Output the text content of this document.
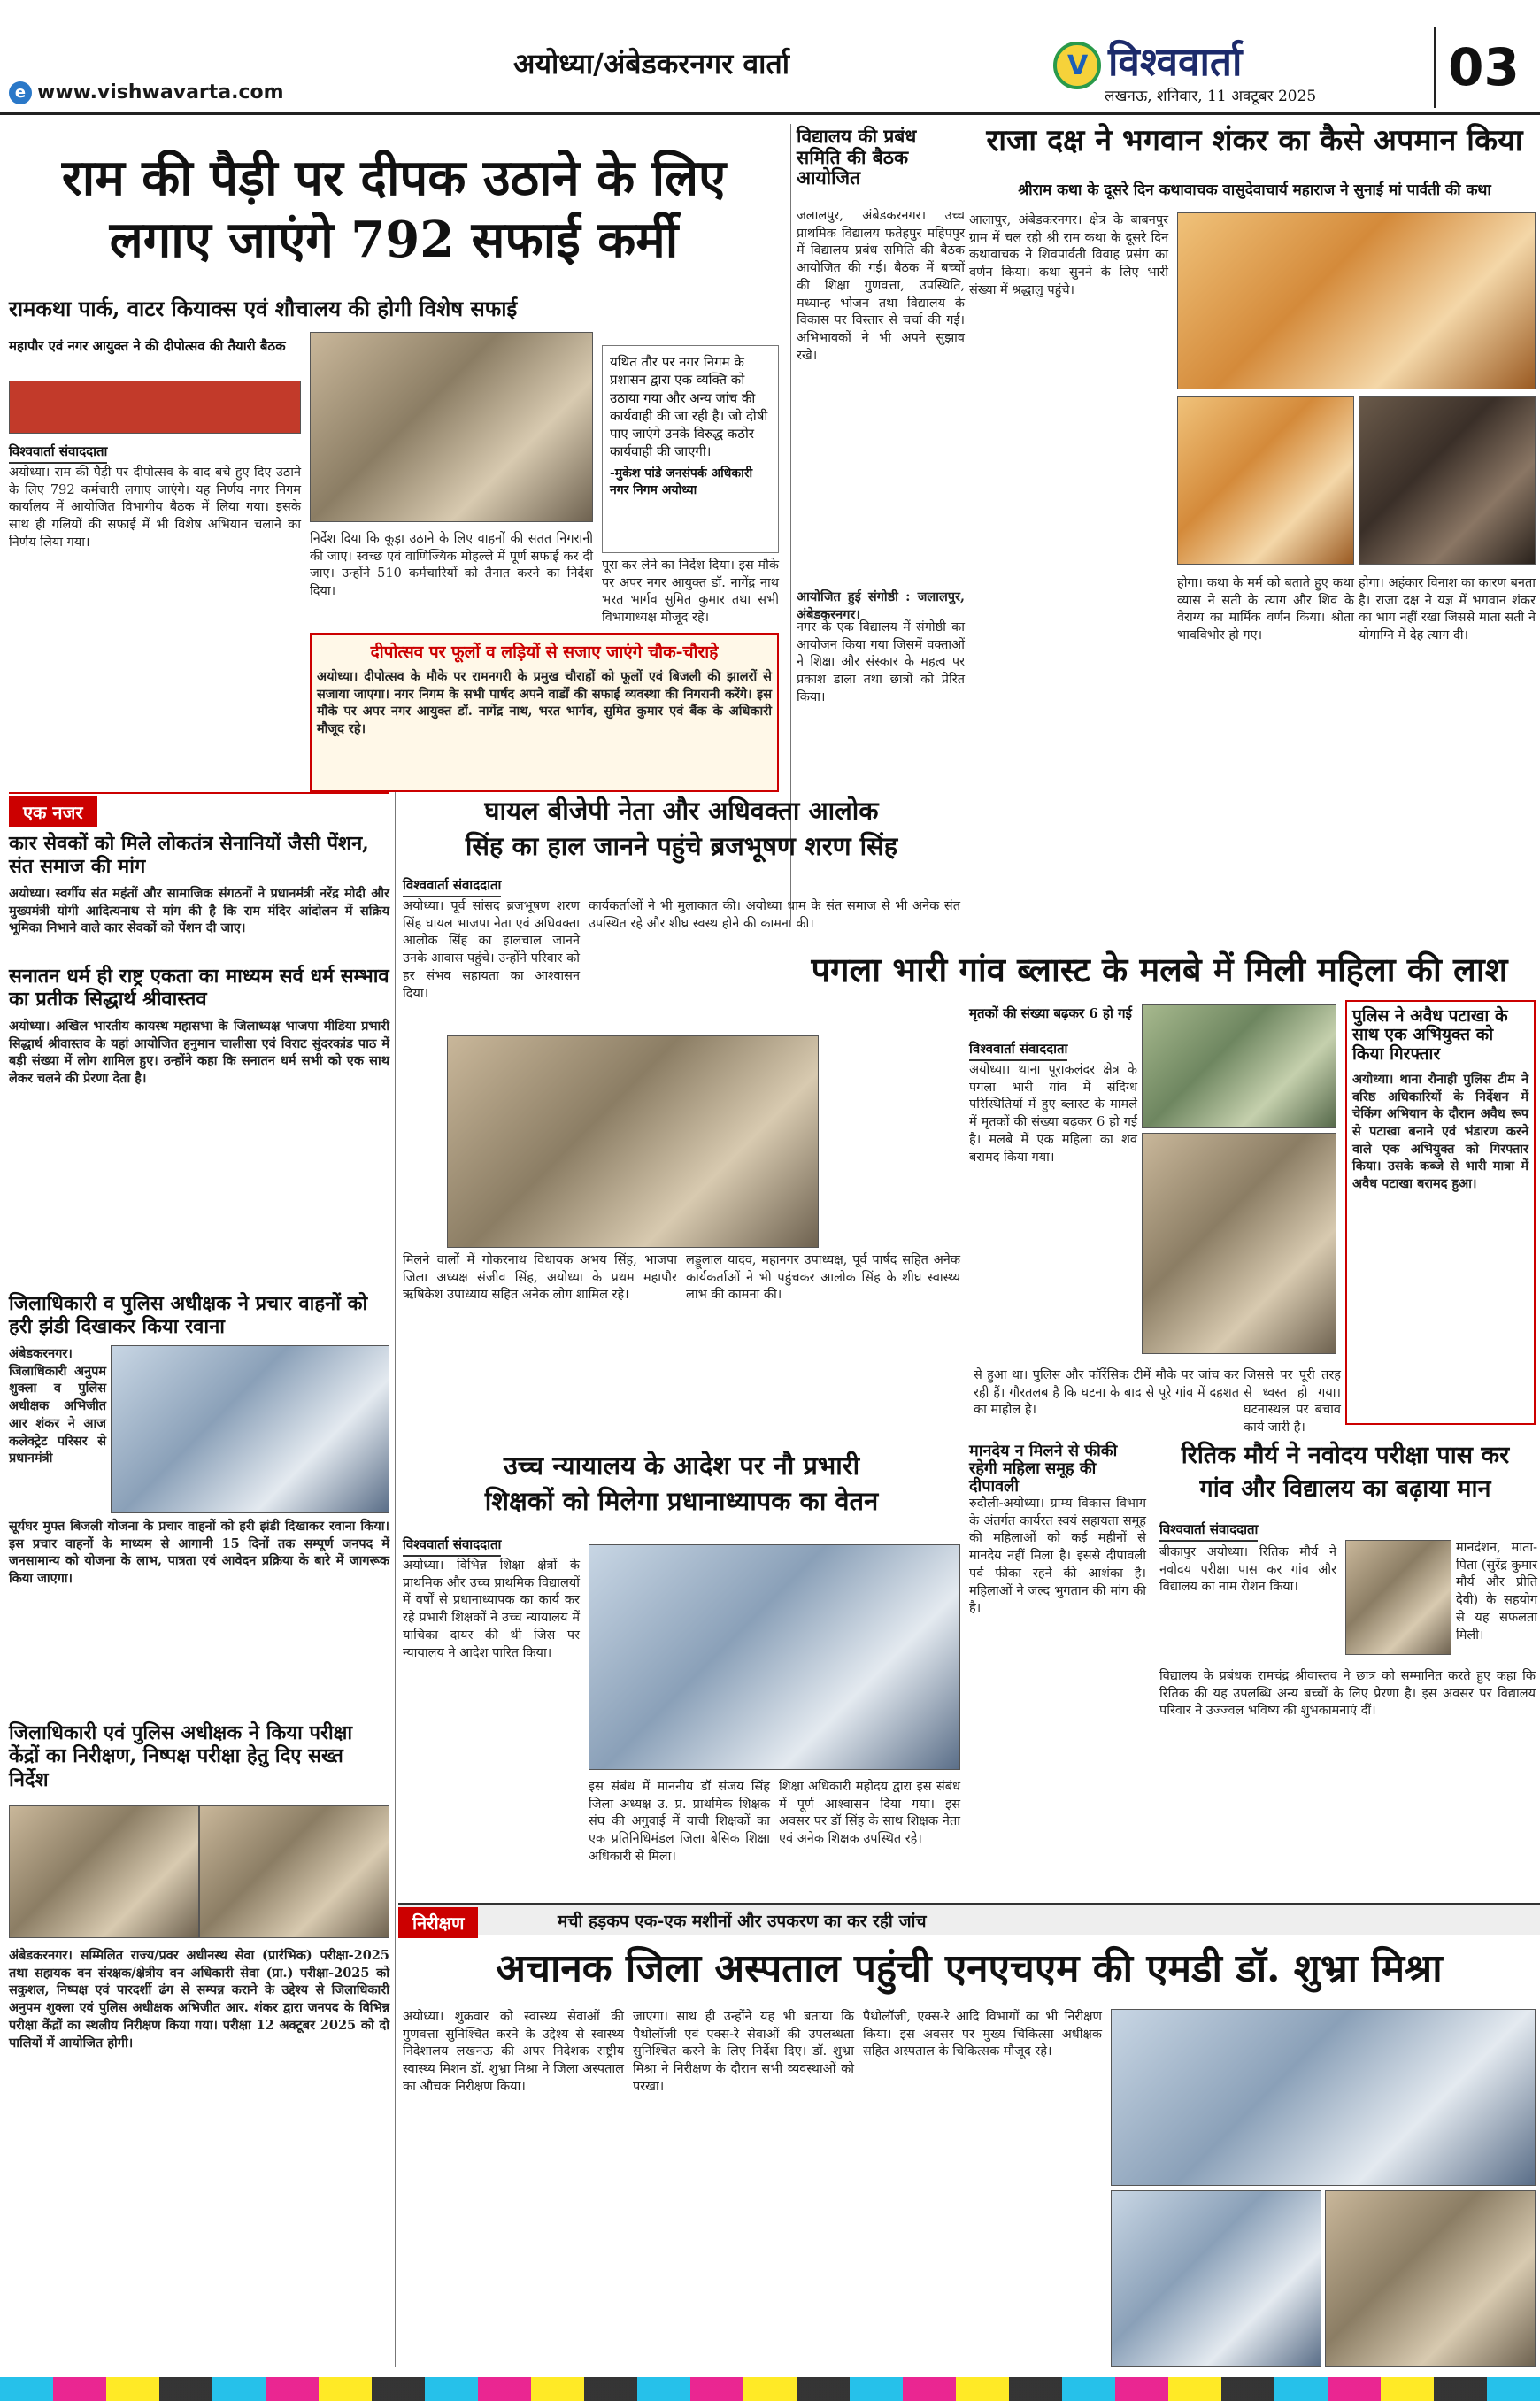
e www.vishwavarta.com
अयोध्या/अंबेडकरनगर वार्ता
V	विश्ववार्ता
लखनऊ, शनिवार, 11 अक्टूबर 2025	03
राम की पैड़ी पर दीपक उठाने के लिए
लगाए जाएंगे 792 सफाई कर्मी
रामकथा पार्क, वाटर कियाक्स एवं शौचालय की होगी विशेष सफाई
महापौर एवं नगर आयुक्त ने की दीपोत्सव की तैयारी बैठक
विश्ववार्ता संवाददाता
अयोध्या। राम की पैड़ी पर दीपोत्सव के बाद बचे हुए दिए उठाने के लिए 792 कर्मचारी लगाए जाएंगे। यह निर्णय नगर निगम कार्यालय में आयोजित विभागीय बैठक में लिया गया। इसके साथ ही गलियों की सफाई में भी विशेष अभियान चलाने का निर्णय लिया गया।	निर्देश दिया कि कूड़ा उठाने के लिए वाहनों की सतत निगरानी की जाए। स्वच्छ एवं वाणिज्यिक मोहल्ले में पूर्ण सफाई कर दी जाए। उन्होंने 510 कर्मचारियों को तैनात करने का निर्देश दिया।
यथित तौर पर नगर निगम के प्रशासन द्वारा एक व्यक्ति को उठाया गया और अन्य जांच की कार्यवाही की जा रही है। जो दोषी पाए जाएंगे उनके विरुद्ध कठोर कार्यवाही की जाएगी।
-मुकेश पांडे जनसंपर्क अधिकारी
नगर निगम अयोध्या
पूरा कर लेने का निर्देश दिया। इस मौके पर अपर नगर आयुक्त डॉ. नागेंद्र नाथ भरत भार्गव सुमित कुमार तथा सभी विभागाध्यक्ष मौजूद रहे।
दीपोत्सव पर फूलों व लड़ियों से सजाए जाएंगे चौक-चौराहे
अयोध्या। दीपोत्सव के मौके पर रामनगरी के प्रमुख चौराहों को फूलों एवं बिजली की झालरों से सजाया जाएगा। नगर निगम के सभी पार्षद अपने वार्डों की सफाई व्यवस्था की निगरानी करेंगे। इस मौके पर अपर नगर आयुक्त डॉ. नागेंद्र नाथ, भरत भार्गव, सुमित कुमार एवं बैंक के अधिकारी मौजूद रहे।
विद्यालय की प्रबंध समिति की बैठक आयोजित
जलालपुर, अंबेडकरनगर। उच्च प्राथमिक विद्यालय फतेहपुर महिपपुर में विद्यालय प्रबंध समिति की बैठक आयोजित की गई। बैठक में बच्चों की शिक्षा गुणवत्ता, उपस्थिति, मध्यान्ह भोजन तथा विद्यालय के विकास पर विस्तार से चर्चा की गई। अभिभावकों ने भी अपने सुझाव रखे।
आयोजित हुई संगोष्ठी : जलालपुर, अंबेडकरनगर।
नगर के एक विद्यालय में संगोष्ठी का आयोजन किया गया जिसमें वक्ताओं ने शिक्षा और संस्कार के महत्व पर प्रकाश डाला तथा छात्रों को प्रेरित किया।
राजा दक्ष ने भगवान शंकर का कैसे अपमान किया
श्रीराम कथा के दूसरे दिन कथावाचक वासुदेवाचार्य महाराज ने सुनाई मां पार्वती की कथा
आलापुर, अंबेडकरनगर। क्षेत्र के बाबनपुर ग्राम में चल रही श्री राम कथा के दूसरे दिन कथावाचक ने शिवपार्वती विवाह प्रसंग का वर्णन किया। कथा सुनने के लिए भारी संख्या में श्रद्धालु पहुंचे।
होगा। कथा के मर्म को बताते हुए कथा व्यास ने सती के त्याग और शिव के वैराग्य का मार्मिक वर्णन किया। श्रोता भावविभोर हो गए।
होगा। अहंकार विनाश का कारण बनता है। राजा दक्ष ने यज्ञ में भगवान शंकर का भाग नहीं रखा जिससे माता सती ने योगाग्नि में देह त्याग दी।
एक नजर
कार सेवकों को मिले लोकतंत्र सेनानियों जैसी पेंशन, संत समाज की मांग
अयोध्या। स्वर्गीय संत महंतों और सामाजिक संगठनों ने प्रधानमंत्री नरेंद्र मोदी और मुख्यमंत्री योगी आदित्यनाथ से मांग की है कि राम मंदिर आंदोलन में सक्रिय भूमिका निभाने वाले कार सेवकों को पेंशन दी जाए।
सनातन धर्म ही राष्ट्र एकता का माध्यम सर्व धर्म सम्भाव का प्रतीक सिद्धार्थ श्रीवास्तव
अयोध्या। अखिल भारतीय कायस्थ महासभा के जिलाध्यक्ष भाजपा मीडिया प्रभारी सिद्धार्थ श्रीवास्तव के यहां आयोजित हनुमान चालीसा एवं विराट सुंदरकांड पाठ में बड़ी संख्या में लोग शामिल हुए। उन्होंने कहा कि सनातन धर्म सभी को एक साथ लेकर चलने की प्रेरणा देता है।
जिलाधिकारी व पुलिस अधीक्षक ने प्रचार वाहनों को हरी झंडी दिखाकर किया रवाना
अंबेडकरनगर। जिलाधिकारी अनुपम शुक्ला व पुलिस अधीक्षक अभिजीत आर शंकर ने आज कलेक्ट्रेट परिसर से प्रधानमंत्री
सूर्यघर मुफ्त बिजली योजना के प्रचार वाहनों को हरी झंडी दिखाकर रवाना किया। इस प्रचार वाहनों के माध्यम से आगामी 15 दिनों तक सम्पूर्ण जनपद में जनसामान्य को योजना के लाभ, पात्रता एवं आवेदन प्रक्रिया के बारे में जागरूक किया जाएगा।
जिलाधिकारी एवं पुलिस अधीक्षक ने किया परीक्षा केंद्रों का निरीक्षण, निष्पक्ष परीक्षा हेतु दिए सख्त निर्देश
अंबेडकरनगर। सम्मिलित राज्य/प्रवर अधीनस्थ सेवा (प्रारंभिक) परीक्षा-2025 तथा सहायक वन संरक्षक/क्षेत्रीय वन अधिकारी सेवा (प्रा.) परीक्षा-2025 को सकुशल, निष्पक्ष एवं पारदर्शी ढंग से सम्पन्न कराने के उद्देश्य से जिलाधिकारी अनुपम शुक्ला एवं पुलिस अधीक्षक अभिजीत आर. शंकर द्वारा जनपद के विभिन्न परीक्षा केंद्रों का स्थलीय निरीक्षण किया गया। परीक्षा 12 अक्टूबर 2025 को दो पालियों में आयोजित होगी।
घायल बीजेपी नेता और अधिवक्ता आलोक
सिंह का हाल जानने पहुंचे ब्रजभूषण शरण सिंह
विश्ववार्ता संवाददाता
अयोध्या। पूर्व सांसद ब्रजभूषण शरण सिंह घायल भाजपा नेता एवं अधिवक्ता आलोक सिंह का हालचाल जानने उनके आवास पहुंचे। उन्होंने परिवार को हर संभव सहायता का आश्वासन दिया।
कार्यकर्ताओं ने भी मुलाकात की। अयोध्या धाम के संत समाज से भी अनेक संत उपस्थित रहे और शीघ्र स्वस्थ होने की कामना की।
मिलने वालों में गोकरनाथ विधायक अभय सिंह, भाजपा जिला अध्यक्ष संजीव सिंह, अयोध्या के प्रथम महापौर ऋषिकेश उपाध्याय सहित अनेक लोग शामिल रहे।
लड्डूलाल यादव, महानगर उपाध्यक्ष, पूर्व पार्षद सहित अनेक कार्यकर्ताओं ने भी पहुंचकर आलोक सिंह के शीघ्र स्वास्थ्य लाभ की कामना की।
पगला भारी गांव ब्लास्ट के मलबे में मिली महिला की लाश
मृतकों की संख्या बढ़कर 6 हो गई
विश्ववार्ता संवाददाता
अयोध्या। थाना पूराकलंदर क्षेत्र के पगला भारी गांव में संदिग्ध परिस्थितियों में हुए ब्लास्ट के मामले में मृतकों की संख्या बढ़कर 6 हो गई है। मलबे में एक महिला का शव बरामद किया गया।
से हुआ था। पुलिस और फॉरेंसिक टीमें मौके पर जांच कर रही हैं। गौरतलब है कि घटना के बाद से पूरे गांव में दहशत का माहौल है।
जिससे पर पूरी तरह से ध्वस्त हो गया। घटनास्थल पर बचाव कार्य जारी है।
पुलिस ने अवैध पटाखा के साथ एक अभियुक्त को किया गिरफ्तार
अयोध्या। थाना रौनाही पुलिस टीम ने वरिष्ठ अधिकारियों के निर्देशन में चेकिंग अभियान के दौरान अवैध रूप से पटाखा बनाने एवं भंडारण करने वाले एक अभियुक्त को गिरफ्तार किया। उसके कब्जे से भारी मात्रा में अवैध पटाखा बरामद हुआ।
उच्च न्यायालय के आदेश पर नौ प्रभारी
शिक्षकों को मिलेगा प्रधानाध्यापक का वेतन
विश्ववार्ता संवाददाता
अयोध्या। विभिन्न शिक्षा क्षेत्रों के प्राथमिक और उच्च प्राथमिक विद्यालयों में वर्षों से प्रधानाध्यापक का कार्य कर रहे प्रभारी शिक्षकों ने उच्च न्यायालय में याचिका दायर की थी जिस पर न्यायालय ने आदेश पारित किया।
इस संबंध में माननीय डॉ संजय सिंह जिला अध्यक्ष उ. प्र. प्राथमिक शिक्षक संघ की अगुवाई में याची शिक्षकों का एक प्रतिनिधिमंडल जिला बेसिक शिक्षा अधिकारी से मिला।
शिक्षा अधिकारी महोदय द्वारा इस संबंध में पूर्ण आश्वासन दिया गया। इस अवसर पर डॉ सिंह के साथ शिक्षक नेता एवं अनेक शिक्षक उपस्थित रहे।
मानदेय न मिलने से फीकी रहेगी महिला समूह की दीपावली
रुदौली-अयोध्या। ग्राम्य विकास विभाग के अंतर्गत कार्यरत स्वयं सहायता समूह की महिलाओं को कई महीनों से मानदेय नहीं मिला है। इससे दीपावली पर्व फीका रहने की आशंका है। महिलाओं ने जल्द भुगतान की मांग की है।
रितिक मौर्य ने नवोदय परीक्षा पास कर
गांव और विद्यालय का बढ़ाया मान
विश्ववार्ता संवाददाता
बीकापुर अयोध्या। रितिक मौर्य ने नवोदय परीक्षा पास कर गांव और विद्यालय का नाम रोशन किया।
मानदंशन, माता-पिता (सुरेंद्र कुमार मौर्य और प्रीति देवी) के सहयोग से यह सफलता मिली।
विद्यालय के प्रबंधक रामचंद्र श्रीवास्तव ने छात्र को सम्मानित करते हुए कहा कि रितिक की यह उपलब्धि अन्य बच्चों के लिए प्रेरणा है। इस अवसर पर विद्यालय परिवार ने उज्ज्वल भविष्य की शुभकामनाएं दीं।
निरीक्षण	मची हड़कप एक-एक मशीनों और उपकरण का कर रही जांच
अचानक जिला अस्पताल पहुंची एनएचएम की एमडी डॉ. शुभ्रा मिश्रा
अयोध्या। शुक्रवार को स्वास्थ्य सेवाओं की गुणवत्ता सुनिश्चित करने के उद्देश्य से स्वास्थ्य निदेशालय लखनऊ की अपर निदेशक राष्ट्रीय स्वास्थ्य मिशन डॉ. शुभ्रा मिश्रा ने जिला अस्पताल का औचक निरीक्षण किया।
जाएगा। साथ ही उन्होंने यह भी बताया कि पैथोलॉजी एवं एक्स-रे सेवाओं की उपलब्धता सुनिश्चित करने के लिए निर्देश दिए। डॉ. शुभ्रा मिश्रा ने निरीक्षण के दौरान सभी व्यवस्थाओं को परखा।
पैथोलॉजी, एक्स-रे आदि विभागों का भी निरीक्षण किया। इस अवसर पर मुख्य चिकित्सा अधीक्षक सहित अस्पताल के चिकित्सक मौजूद रहे।
